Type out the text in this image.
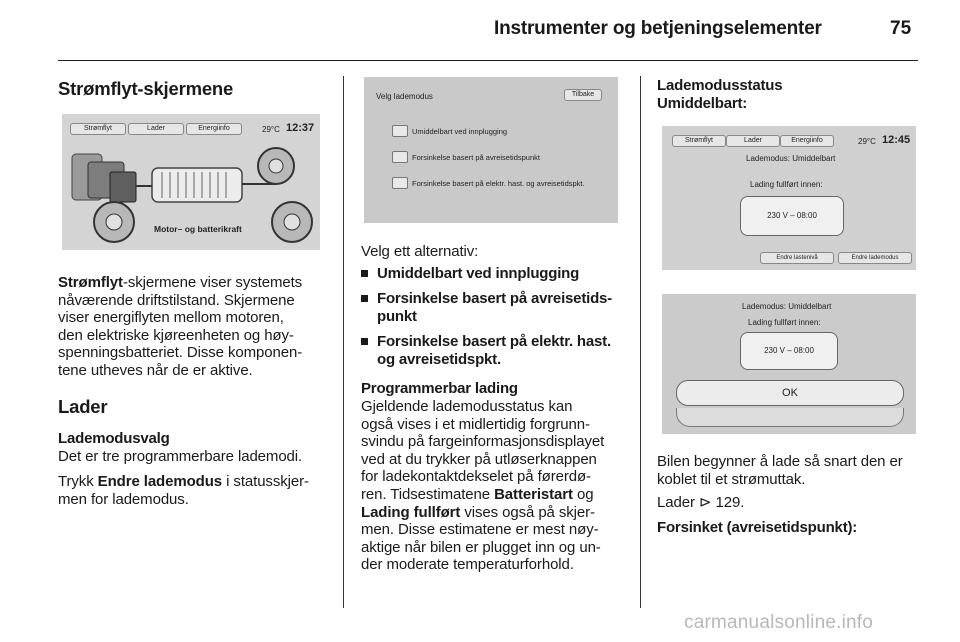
Instrumenter og betjeningselementer	75
Strømflyt-skjermene
Strømflyt	Lader	Energiinfo	29°C 12:37
Motor– og batterikraft
Strømflyt-skjermene viser systemets
nåværende driftstilstand. Skjermene
viser energiflyten mellom motoren,
den elektriske kjøreenheten og høy-
spenningsbatteriet. Disse komponen-
tene utheves når de er aktive.
Lader
Lademodusvalg
Det er tre programmerbare lademodi.
Trykk Endre lademodus i statusskjer-
men for lademodus.
Velg lademodus	Tilbake
Umiddelbart ved innplugging
Forsinkelse basert på avreisetidspunkt
Forsinkelse basert på elektr. hast. og avreisetidspkt.
Velg ett alternativ:
Umiddelbart ved innplugging
Forsinkelse basert på avreisetids-
punkt
Forsinkelse basert på elektr. hast.
og avreisetidspkt.
Programmerbar lading
Gjeldende lademodusstatus kan
også vises i et midlertidig forgrunn-
svindu på fargeinformasjonsdisplayet
ved at du trykker på utløserknappen
for ladekontaktdekselet på førerdø-
ren. Tidsestimatene Batteristart og
Lading fullført vises også på skjer-
men. Disse estimatene er mest nøy-
aktige når bilen er plugget inn og un-
der moderate temperaturforhold.
Lademodusstatus
Umiddelbart:
Strømflyt	Lader	Energiinfo	29°C 12:45
Lademodus: Umiddelbart
Lading fullført innen:
230 V – 08:00
Endre lastenivå	Endre lademodus
Lademodus: Umiddelbart
Lading fullført innen:
230 V – 08:00
OK
Bilen begynner å lade så snart den er
koblet til et strømuttak.
Lader ⊳ 129.
Forsinket (avreisetidspunkt):
carmanualsonline.info
